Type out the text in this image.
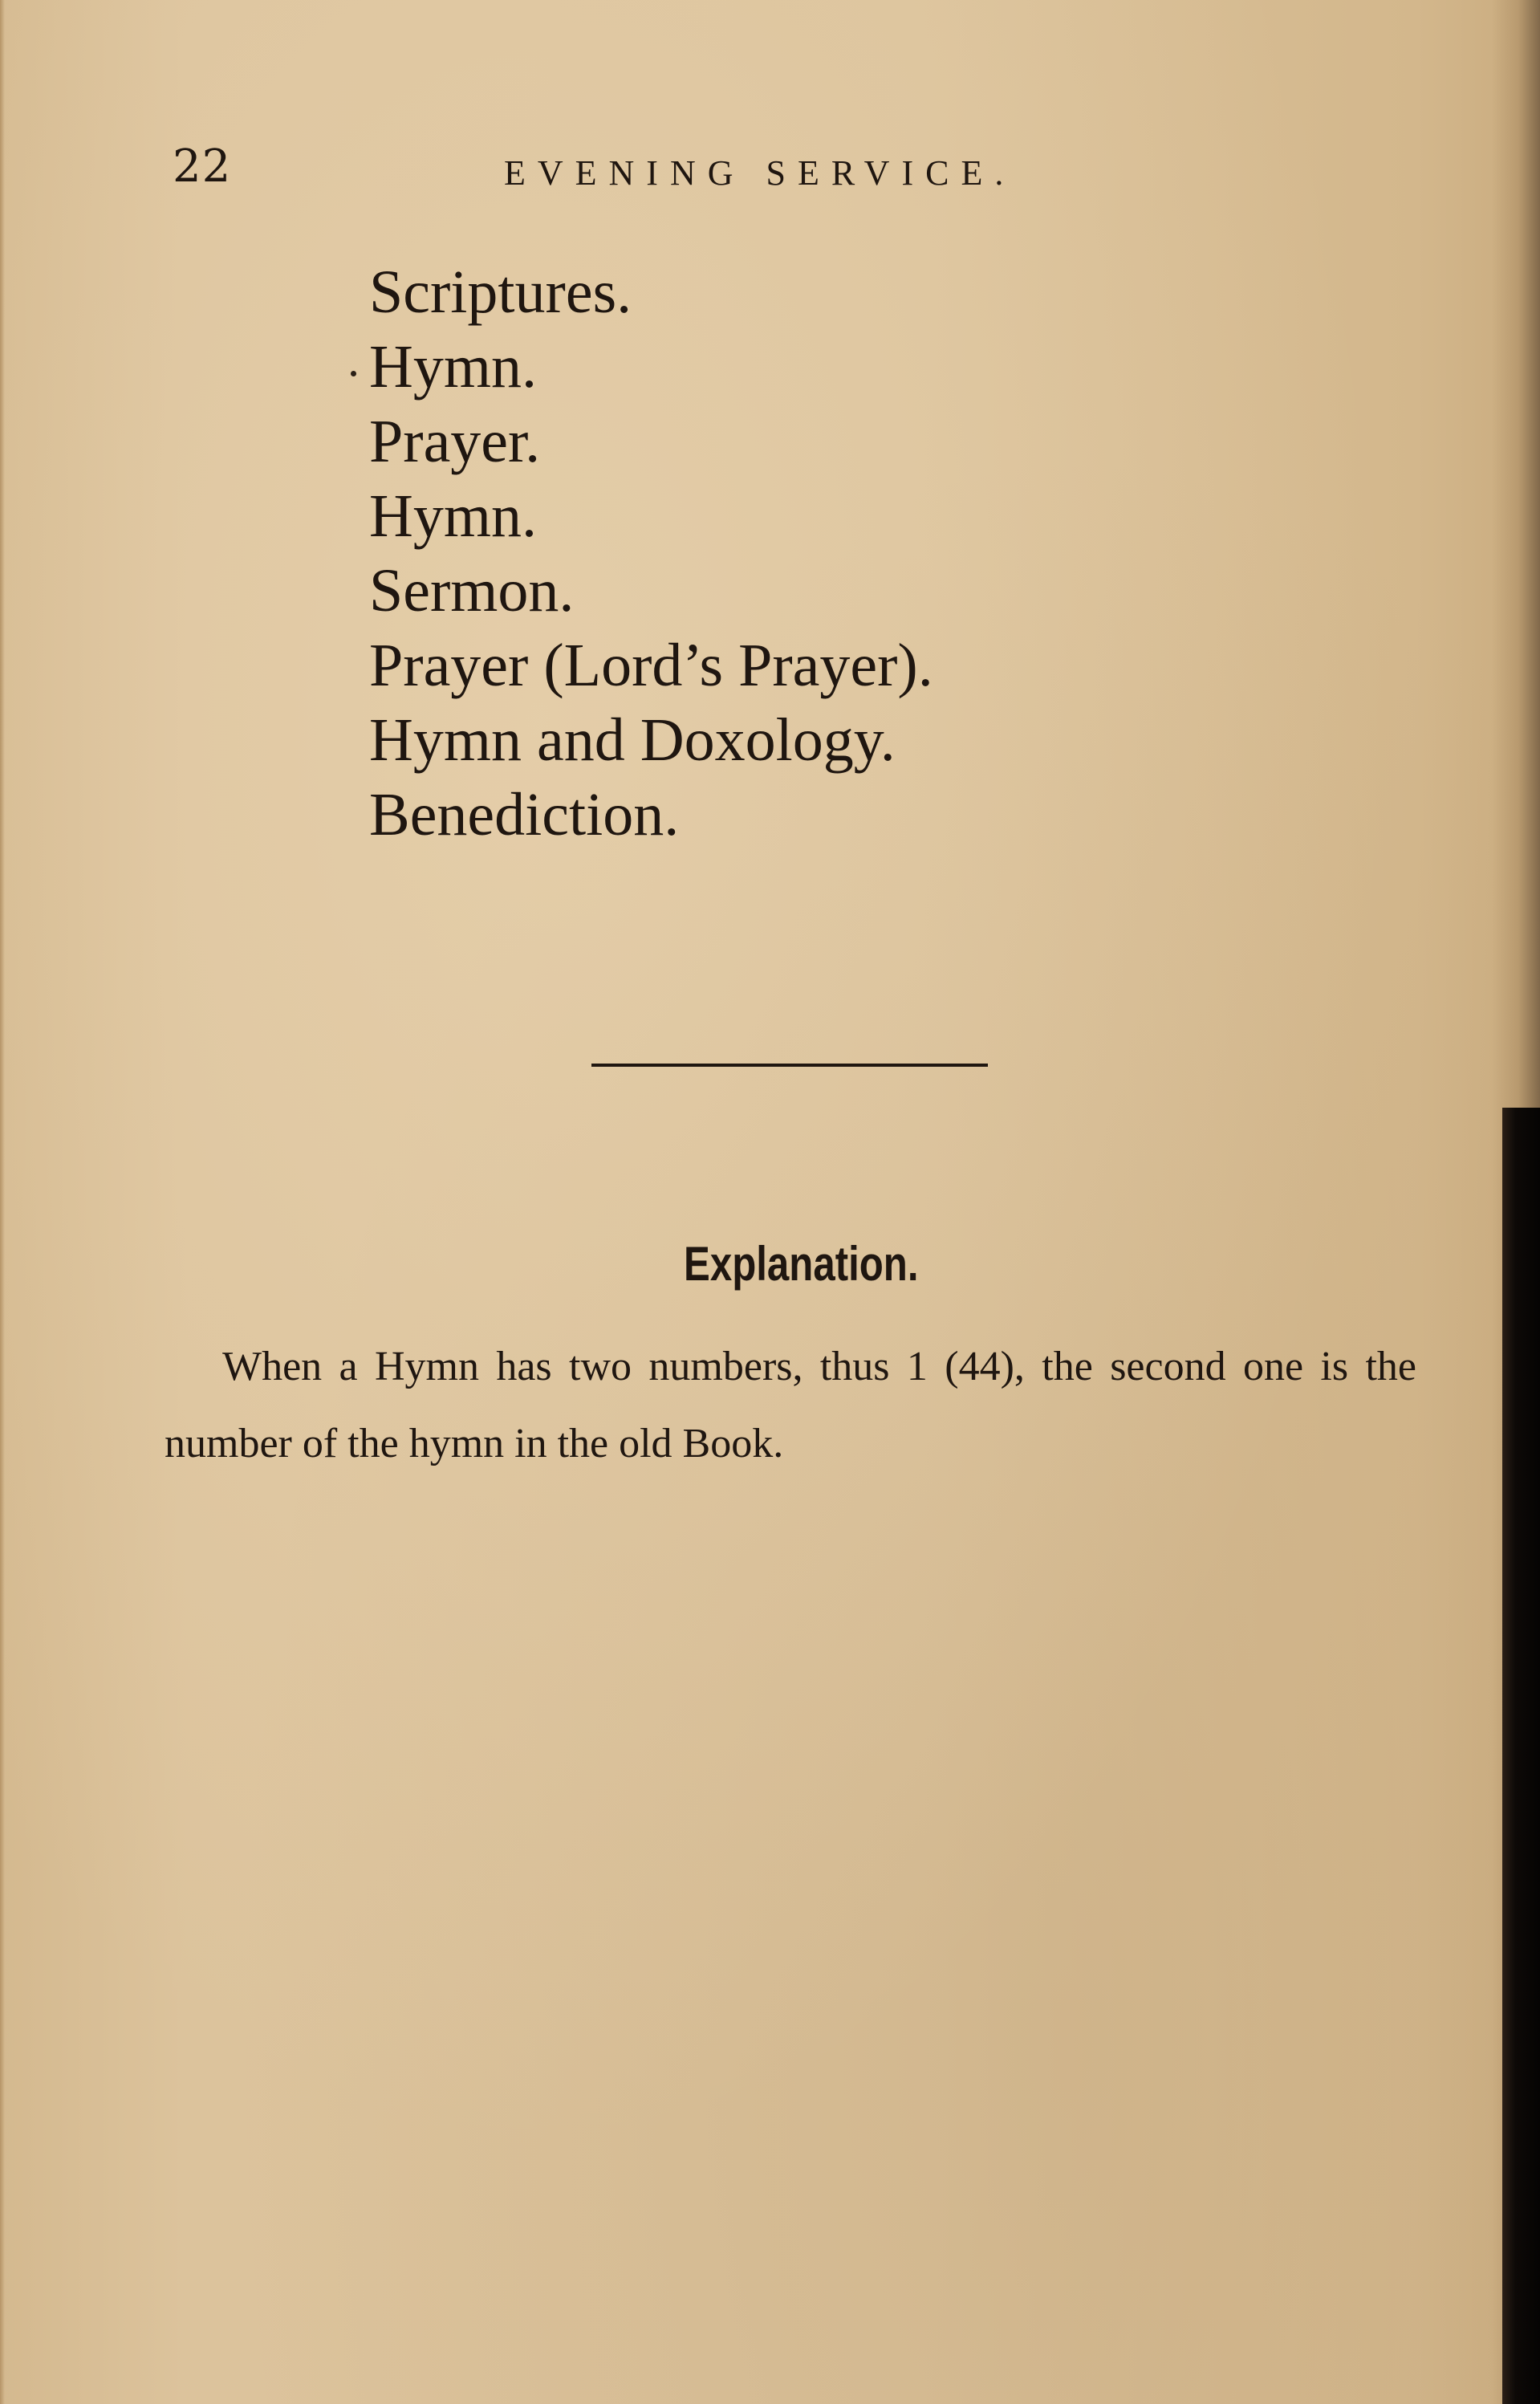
22	EVENING SERVICE.
Scriptures.
Hymn.
Prayer.
Hymn.
Sermon.
Prayer (Lord’s Prayer).
Hymn and Doxology.
Benediction.
Explanation.

When a Hymn has two numbers, thus 1 (44), the second one is the number of the hymn in the old Book.
